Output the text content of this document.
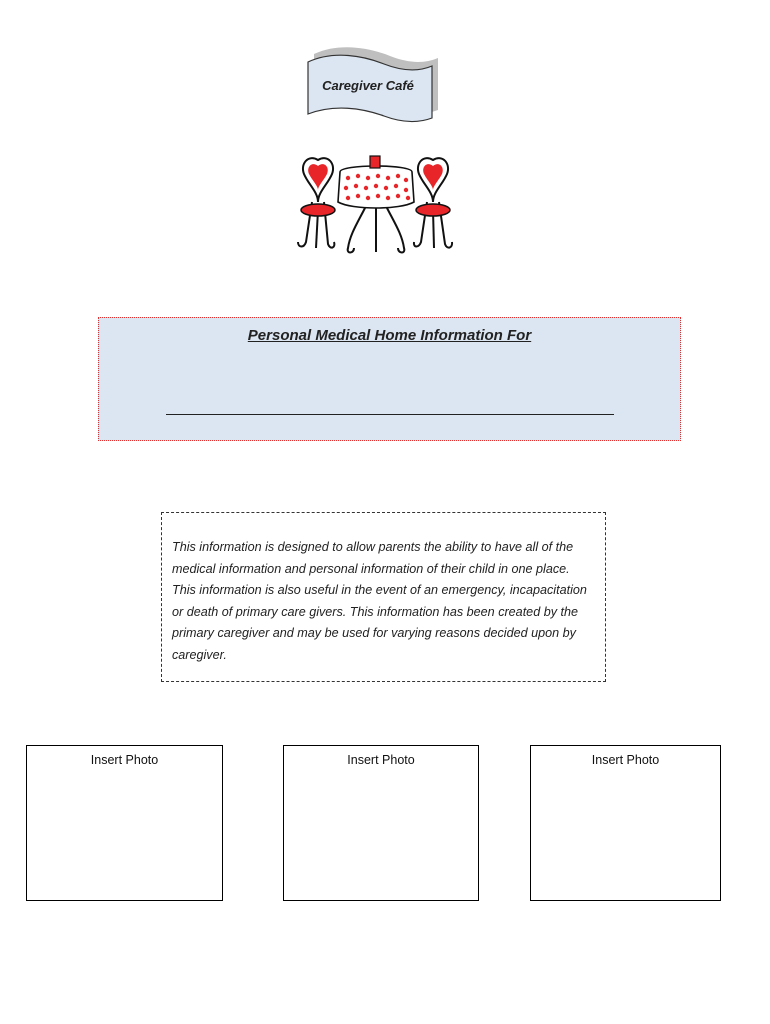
Caregiver Café
Personal Medical Home Information For

This information is designed to allow parents the ability to have all of the medical information and personal information of their child in one place. This information is also useful in the event of an emergency, incapacitation or death of primary care givers. This information has been created by the primary caregiver and may be used for varying reasons decided upon by caregiver.

Insert Photo	Insert Photo	Insert Photo
